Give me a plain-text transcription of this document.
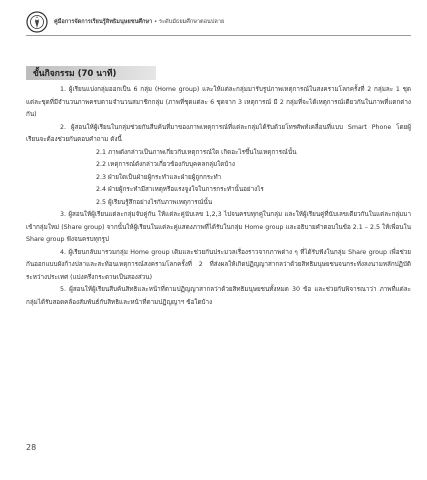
คู่มือการจัดการเรียนรู้สิทธิมนุษยชนศึกษา • ระดับมัธยมศึกษาตอนปลาย
ขั้นกิจกรรม (70 นาที)

1. ผู้เรียนแบ่งกลุ่มออกเป็น 6 กลุ่ม (Home group) และให้แต่ละกลุ่มมารับรูปภาพเหตุการณ์ในสงครามโลกครั้งที่ 2 กลุ่มละ 1 ชุด แต่ละชุดที่มีจำนวนภาพครบตามจำนวนสมาชิกกลุ่ม (ภาพที่ชุดแต่ละ 6 ชุดจาก 3 เหตุการณ์ มี 2 กลุ่มที่จะได้เหตุการณ์เดียวกันในภาพที่แตกต่างกัน)

2. ผู้สอนให้ผู้เรียนในกลุ่มช่วยกันสืบค้นที่มาของภาพเหตุการณ์ที่แต่ละกลุ่มได้รับด้วยโทรศัพท์เคลื่อนที่แบบ Smart Phone โดยผู้เรียนจะต้องช่วยกันตอบคำถาม ดังนี้

2.1 ภาพดังกล่าวเป็นภาพเกี่ยวกับเหตุการณ์ใด เกิดอะไรขึ้นในเหตุการณ์นั้น

2.2 เหตุการณ์ดังกล่าวเกี่ยวข้องกับบุคคลกลุ่มใดบ้าง

2.3 ฝ่ายใดเป็นฝ่ายผู้กระทำและฝ่ายผู้ถูกกระทำ

2.4 ฝ่ายผู้กระทำมีสาเหตุหรือแรงจูงใจในการกระทำนั้นอย่างไร

2.5 ผู้เรียนรู้สึกอย่างไรกับภาพเหตุการณ์นั้น

3. ผู้สอนให้ผู้เรียนแต่ละกลุ่มจับคู่กัน ให้แต่ละคู่นับเลข 1,2,3 ไปจนครบทุกคู่ในกลุ่ม และให้ผู้เรียนคู่ที่นับเลขเดียวกันในแต่ละกลุ่มมาเข้ากลุ่มใหม่ (Share group) จากนั้นให้ผู้เรียนในแต่ละคู่แสดงภาพที่ได้รับในกลุ่ม Home group และอธิบายคำตอบในข้อ 2.1 – 2.5 ให้เพื่อนใน Share group ฟังจนครบทุกรูป

4. ผู้เรียนกลับมารวมกลุ่ม Home group เดิมและช่วยกันประมวลเรื่องราวจากภาพต่าง ๆ ที่ได้รับฟังในกลุ่ม Share group เพื่อช่วยกันออกแบบผังก้างปลาและสะท้อนเหตุการณ์สงครามโลกครั้งที่ 2 ที่ส่งผลให้เกิดปฏิญญาสากลว่าด้วยสิทธิมนุษยชนจนกระทั่งลงนามหลักปฏิบัติระหว่างประเทศ (แบ่งครึ่งกระดาษเป็นสองส่วน)

5. ผู้สอนให้ผู้เรียนสืบค้นสิทธิและหน้าที่ตามปฏิญญาสากลว่าด้วยสิทธิมนุษยชนทั้งหมด 30 ข้อ และช่วยกันพิจารณาว่า ภาพที่แต่ละกลุ่มได้รับสอดคล้องสัมพันธ์กับสิทธิและหน้าที่ตามปฏิญญาฯ ข้อใดบ้าง

28
